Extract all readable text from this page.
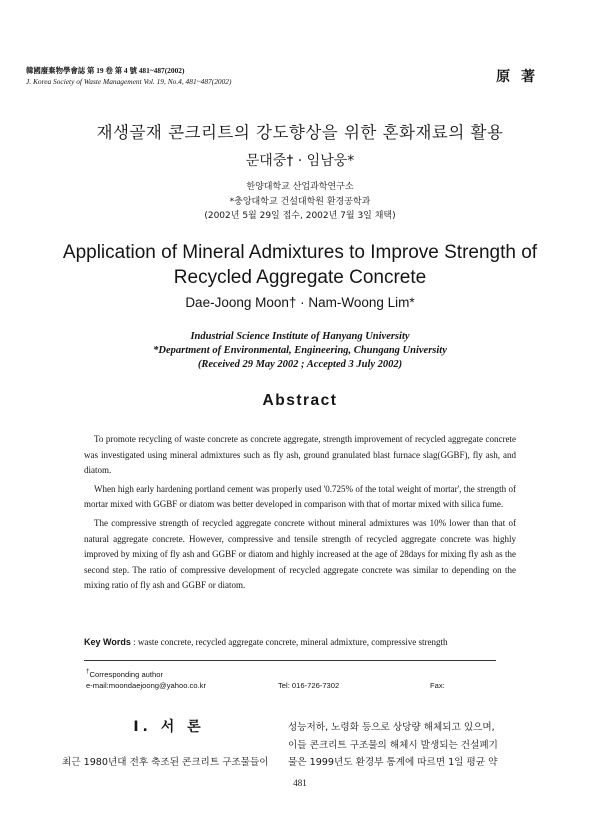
韓國廢棄物學會誌 第 19 卷 第 4 號 481~487(2002)
J. Korea Society of Waste Management Vol. 19, No.4, 481~487(2002)	原 著
재생골재 콘크리트의 강도향상을 위한 혼화재료의 활용
문대중† · 임남웅*
한양대학교 산업과학연구소
*충앙대학교 건설대학원 환경공학과
(2002년 5월 29일 접수, 2002년 7월 3일 채택)
Application of Mineral Admixtures to Improve Strength of
Recycled Aggregate Concrete
Dae-Joong Moon† · Nam-Woong Lim*
Industrial Science Institute of Hanyang University
*Department of Environmental, Engineering, Chungang University
(Received 29 May 2002 ; Accepted 3 July 2002)
Abstract

To promote recycling of waste concrete as concrete aggregate, strength improvement of recycled aggregate concrete was investigated using mineral admixtures such as fly ash, ground granulated blast furnace slag(GGBF), fly ash, and diatom.

When high early hardening portland cement was properly used '0.725% of the total weight of mortar', the strength of mortar mixed with GGBF or diatom was better developed in comparison with that of mortar mixed with silica fume.

The compressive strength of recycled aggregate concrete without mineral admixtures was 10% lower than that of natural aggregate concrete. However, compressive and tensile strength of recycled aggregate concrete was highly improved by mixing of fly ash and GGBF or diatom and highly increased at the age of 28days for mixing fly ash as the second step. The ratio of compressive development of recycled aggregate concrete was similar to depending on the mixing ratio of fly ash and GGBF or diatom.

Key Words : waste concrete, recycled aggregate concrete, mineral admixture, compressive strength
†Corresponding author
e-mail:moondaejoong@yahoo.co.kr	Tel: 016-726-7302	Fax:
Ⅰ. 서 론
최근 1980년대 전후 축조된 콘크리트 구조물들이
성능저하, 노령화 등으로 상당량 해체되고 있으며,
이들 콘크리트 구조물의 해체시 발생되는 건설폐기
물은 1999년도 환경부 통계에 따르면 1일 평균 약
481
